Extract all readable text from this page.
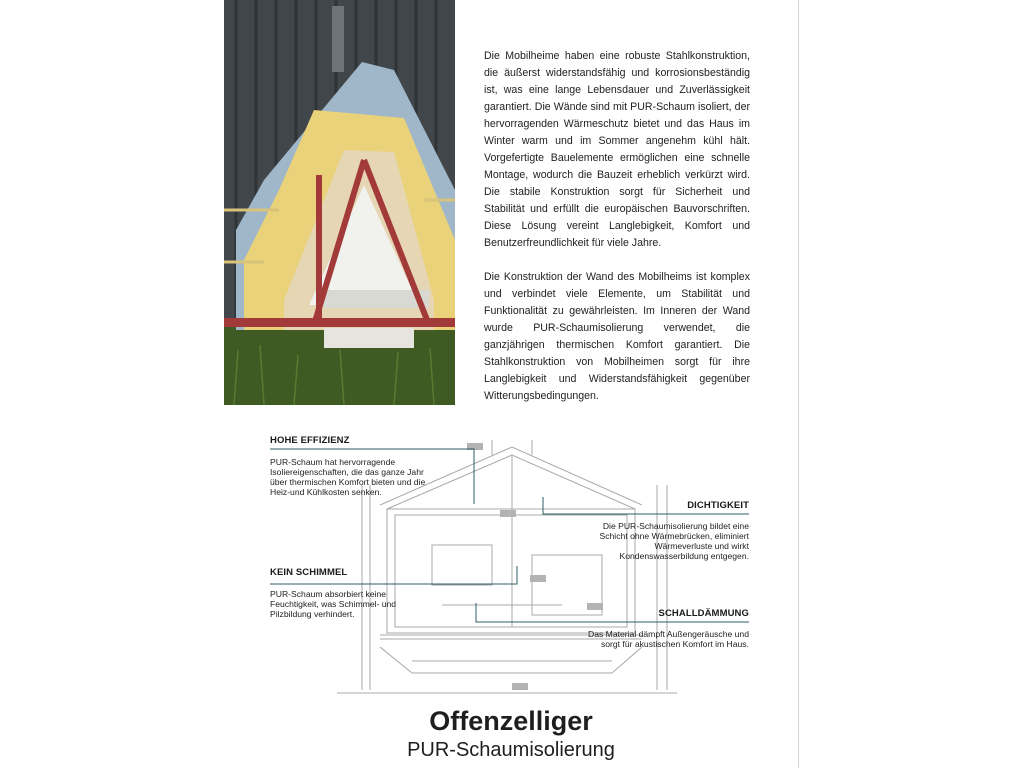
Die Mobilheime haben eine robuste Stahlkonstruktion, die äußerst widerstandsfähig und korrosionsbeständig ist, was eine lange Lebensdauer und Zuverlässigkeit garantiert. Die Wände sind mit PUR-Schaum isoliert, der hervorragenden Wärmeschutz bietet und das Haus im Winter warm und im Sommer angenehm kühl hält. Vorgefertigte Bauelemente ermöglichen eine schnelle Montage, wodurch die Bauzeit erheblich verkürzt wird. Die stabile Konstruktion sorgt für Sicherheit und Stabilität und erfüllt die europäischen Bauvorschriften. Diese Lösung vereint Langlebigkeit, Komfort und Benutzerfreundlichkeit für viele Jahre.

Die Konstruktion der Wand des Mobilheims ist komplex und verbindet viele Elemente, um Stabilität und Funktionalität zu gewährleisten. Im Inneren der Wand wurde PUR-Schaumisolierung verwendet, die ganzjährigen thermischen Komfort garantiert. Die Stahlkonstruktion von Mobilheimen sorgt für ihre Langlebigkeit und Widerstandsfähigkeit gegenüber Witterungsbedingungen.

HOHE EFFIZIENZ
PUR-Schaum hat hervorragende Isoliereigenschaften, die das ganze Jahr über thermischen Komfort bieten und die Heiz-und Kühlkosten senken.
DICHTIGKEIT
Die PUR-Schaumisolierung bildet eine Schicht ohne Wärmebrücken, eliminiert Wärmeverluste und wirkt Kondenswasserbildung entgegen.
KEIN SCHIMMEL
PUR-Schaum absorbiert keine Feuchtigkeit, was Schimmel- und Pilzbildung verhindert.	SCHALLDÄMMUNG
Das Material dämpft Außengeräusche und sorgt für akustischen Komfort im Haus.
Offenzelliger
PUR-Schaumisolierung
